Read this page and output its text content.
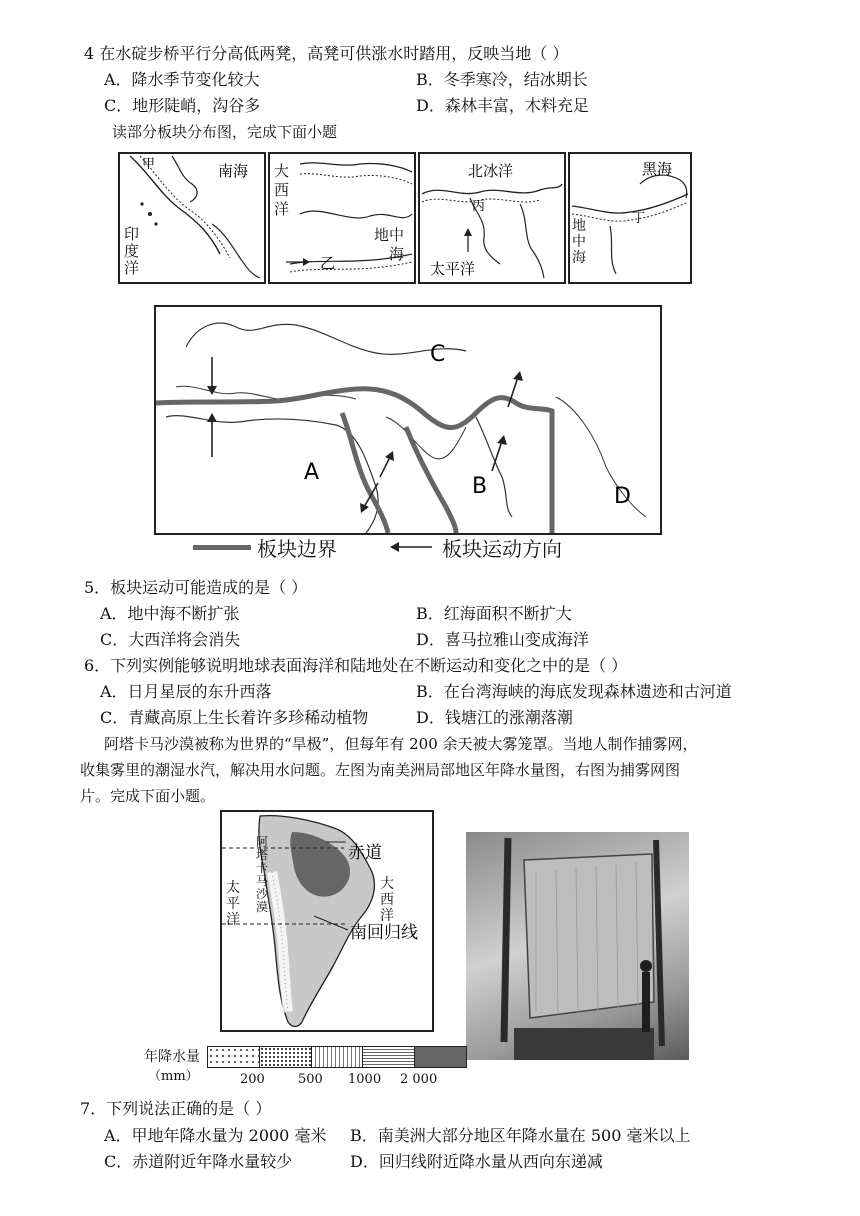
4 在水碇步桥平行分高低两凳，高凳可供涨水时踏用，反映当地（ ）
A．降水季节变化较大	B．冬季寒冷，结冰期长
C．地形陡峭，沟谷多	D．森林丰富，木料充足
读部分板块分布图，完成下面小题
甲	南海
印度洋	乙
大西洋
地中海
北冰洋
丙
太平洋
黑海
丁
地中海
C
A
B	D
板块边界	板块运动方向
5．板块运动可能造成的是（ ）
A．地中海不断扩张	B．红海面积不断扩大
C．大西洋将会消失	D．喜马拉雅山变成海洋
6．下列实例能够说明地球表面海洋和陆地处在不断运动和变化之中的是（ ）
A．日月星辰的东升西落	B．在台湾海峡的海底发现森林遗迹和古河道
C．青藏高原上生长着许多珍稀动植物	D．钱塘江的涨潮落潮
阿塔卡马沙漠被称为世界的“旱极”，但每年有 200 余天被大雾笼罩。当地人制作捕雾网，
收集雾里的潮湿水汽，解决用水问题。左图为南美洲局部地区年降水量图，右图为捕雾网图
片。完成下面小题。
赤道
南回归线
太平洋
大西洋
阿塔卡马沙漠
年降水量
（mm）	200	500 1000 2 000
7．下列说法正确的是（ ）
A．甲地年降水量为 2000 毫米 B．南美洲大部分地区年降水量在 500 毫米以上
C．赤道附近年降水量较少	D．回归线附近降水量从西向东递减
